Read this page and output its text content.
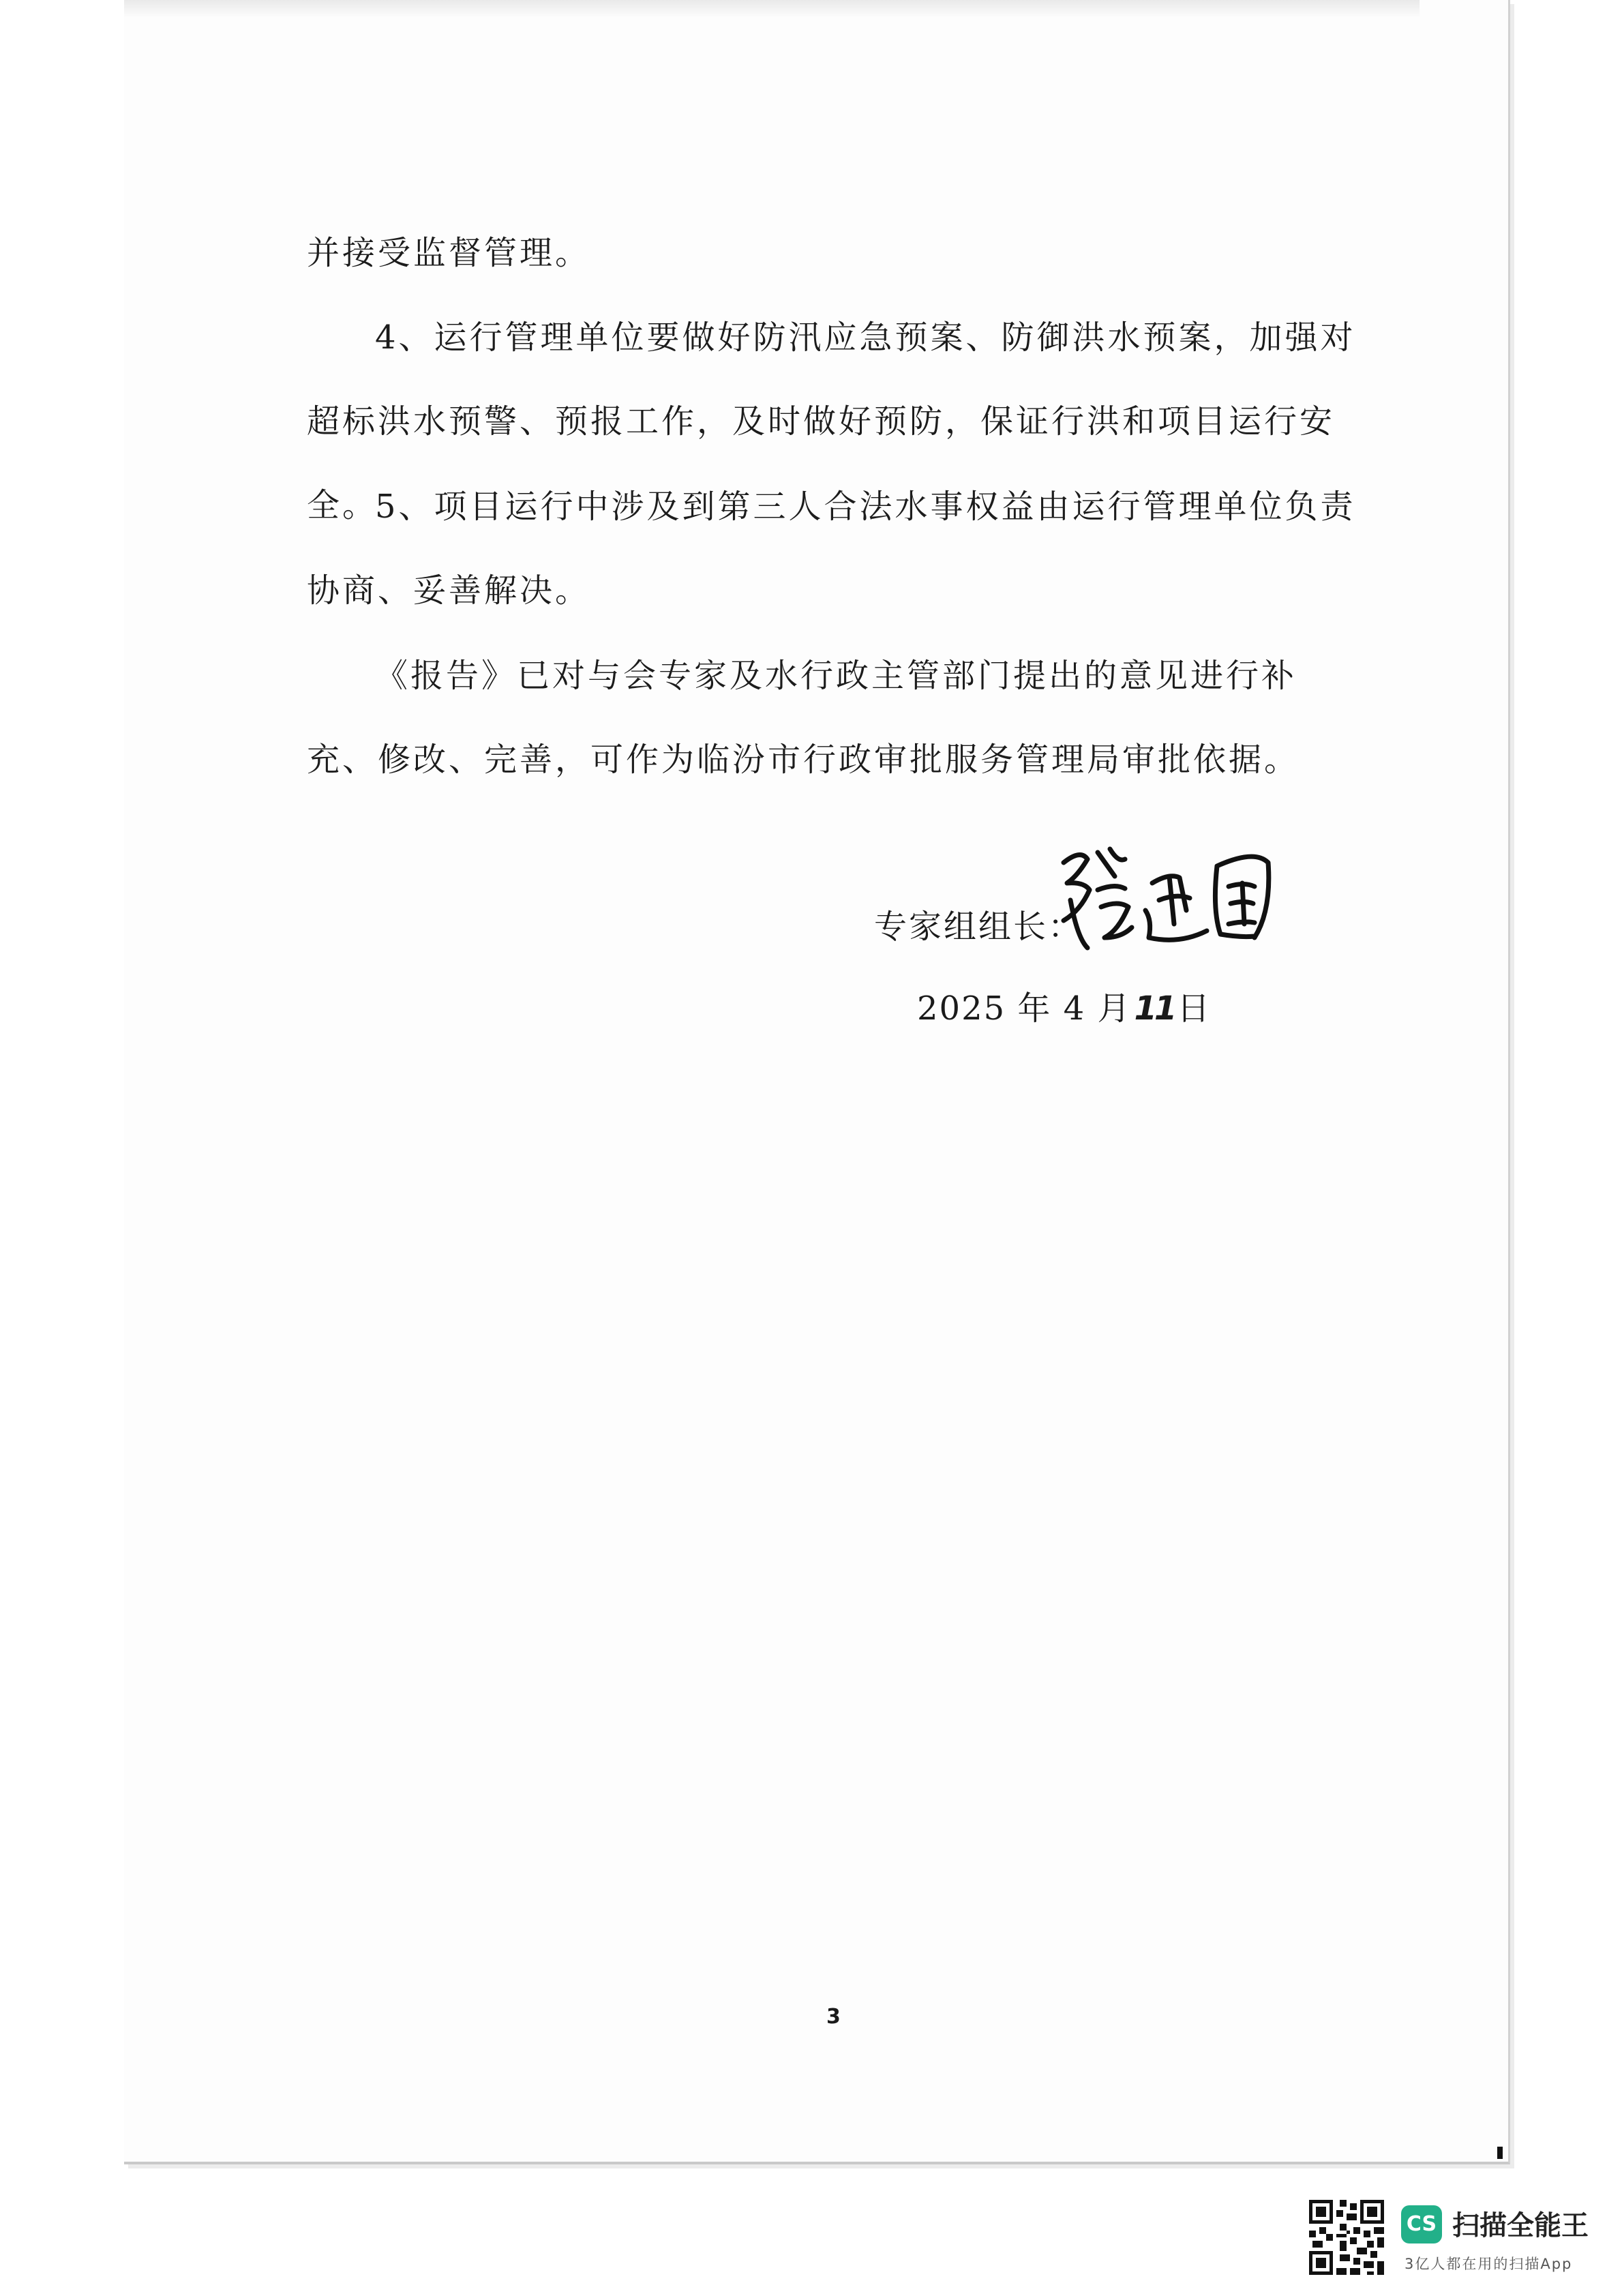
并接受监督管理。

4、运行管理单位要做好防汛应急预案、防御洪水预案，加强对超标洪水预警、预报工作，及时做好预防，保证行洪和项目运行安全。

5、项目运行中涉及到第三人合法水事权益由运行管理单位负责协商、妥善解决。

《报告》已对与会专家及水行政主管部门提出的意见进行补充、修改、完善，可作为临汾市行政审批服务管理局审批依据。

专家组组长：
2025 年 4 月11日
3
CS 扫描全能王
3亿人都在用的扫描App
